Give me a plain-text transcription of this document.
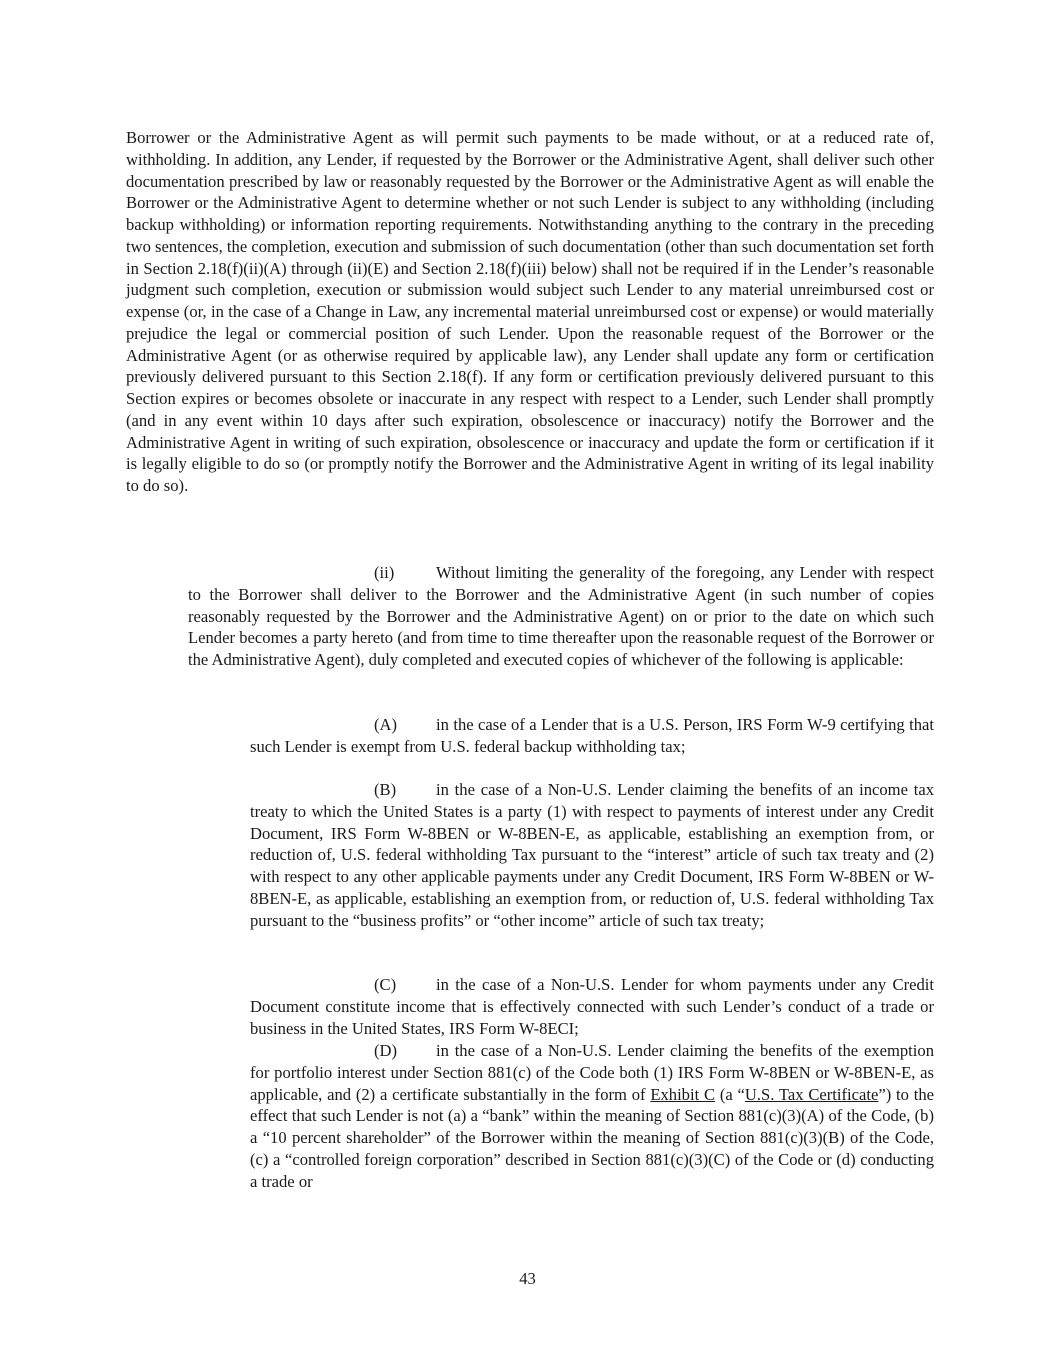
Borrower or the Administrative Agent as will permit such payments to be made without, or at a reduced rate of, withholding. In addition, any Lender, if requested by the Borrower or the Administrative Agent, shall deliver such other documentation prescribed by law or reasonably requested by the Borrower or the Administrative Agent as will enable the Borrower or the Administrative Agent to determine whether or not such Lender is subject to any withholding (including backup withholding) or information reporting requirements. Notwithstanding anything to the contrary in the preceding two sentences, the completion, execution and submission of such documentation (other than such documentation set forth in Section 2.18(f)(ii)(A) through (ii)(E) and Section 2.18(f)(iii) below) shall not be required if in the Lender’s reasonable judgment such completion, execution or submission would subject such Lender to any material unreimbursed cost or expense (or, in the case of a Change in Law, any incremental material unreimbursed cost or expense) or would materially prejudice the legal or commercial position of such Lender. Upon the reasonable request of the Borrower or the Administrative Agent (or as otherwise required by applicable law), any Lender shall update any form or certification previously delivered pursuant to this Section 2.18(f). If any form or certification previously delivered pursuant to this Section expires or becomes obsolete or inaccurate in any respect with respect to a Lender, such Lender shall promptly (and in any event within 10 days after such expiration, obsolescence or inaccuracy) notify the Borrower and the Administrative Agent in writing of such expiration, obsolescence or inaccuracy and update the form or certification if it is legally eligible to do so (or promptly notify the Borrower and the Administrative Agent in writing of its legal inability to do so).

(ii)	Without limiting the generality of the foregoing, any Lender with respect to the Borrower shall deliver to the Borrower and the Administrative Agent (in such number of copies reasonably requested by the Borrower and the Administrative Agent) on or prior to the date on which such Lender becomes a party hereto (and from time to time thereafter upon the reasonable request of the Borrower or the Administrative Agent), duly completed and executed copies of whichever of the following is applicable:

(A) in the case of a Lender that is a U.S. Person, IRS Form W-9 certifying that such Lender is exempt from U.S. federal backup withholding tax;

(B) in the case of a Non-U.S. Lender claiming the benefits of an income tax treaty to which the United States is a party (1) with respect to payments of interest under any Credit Document, IRS Form W-8BEN or W-8BEN-E, as applicable, establishing an exemption from, or reduction of, U.S. federal withholding Tax pursuant to the “interest” article of such tax treaty and (2) with respect to any other applicable payments under any Credit Document, IRS Form W-8BEN or W-8BEN-E, as applicable, establishing an exemption from, or reduction of, U.S. federal withholding Tax pursuant to the “business profits” or “other income” article of such tax treaty;

(C) in the case of a Non-U.S. Lender for whom payments under any Credit Document constitute income that is effectively connected with such Lender’s conduct of a trade or business in the United States, IRS Form W-8ECI;

(D) in the case of a Non-U.S. Lender claiming the benefits of the exemption for portfolio interest under Section 881(c) of the Code both (1) IRS Form W-8BEN or W-8BEN-E, as applicable, and (2) a certificate substantially in the form of Exhibit C (a “U.S. Tax Certificate”) to the effect that such Lender is not (a) a “bank” within the meaning of Section 881(c)(3)(A) of the Code, (b) a “10 percent shareholder” of the Borrower within the meaning of Section 881(c)(3)(B) of the Code, (c) a “controlled foreign corporation” described in Section 881(c)(3)(C) of the Code or (d) conducting a trade or

43
